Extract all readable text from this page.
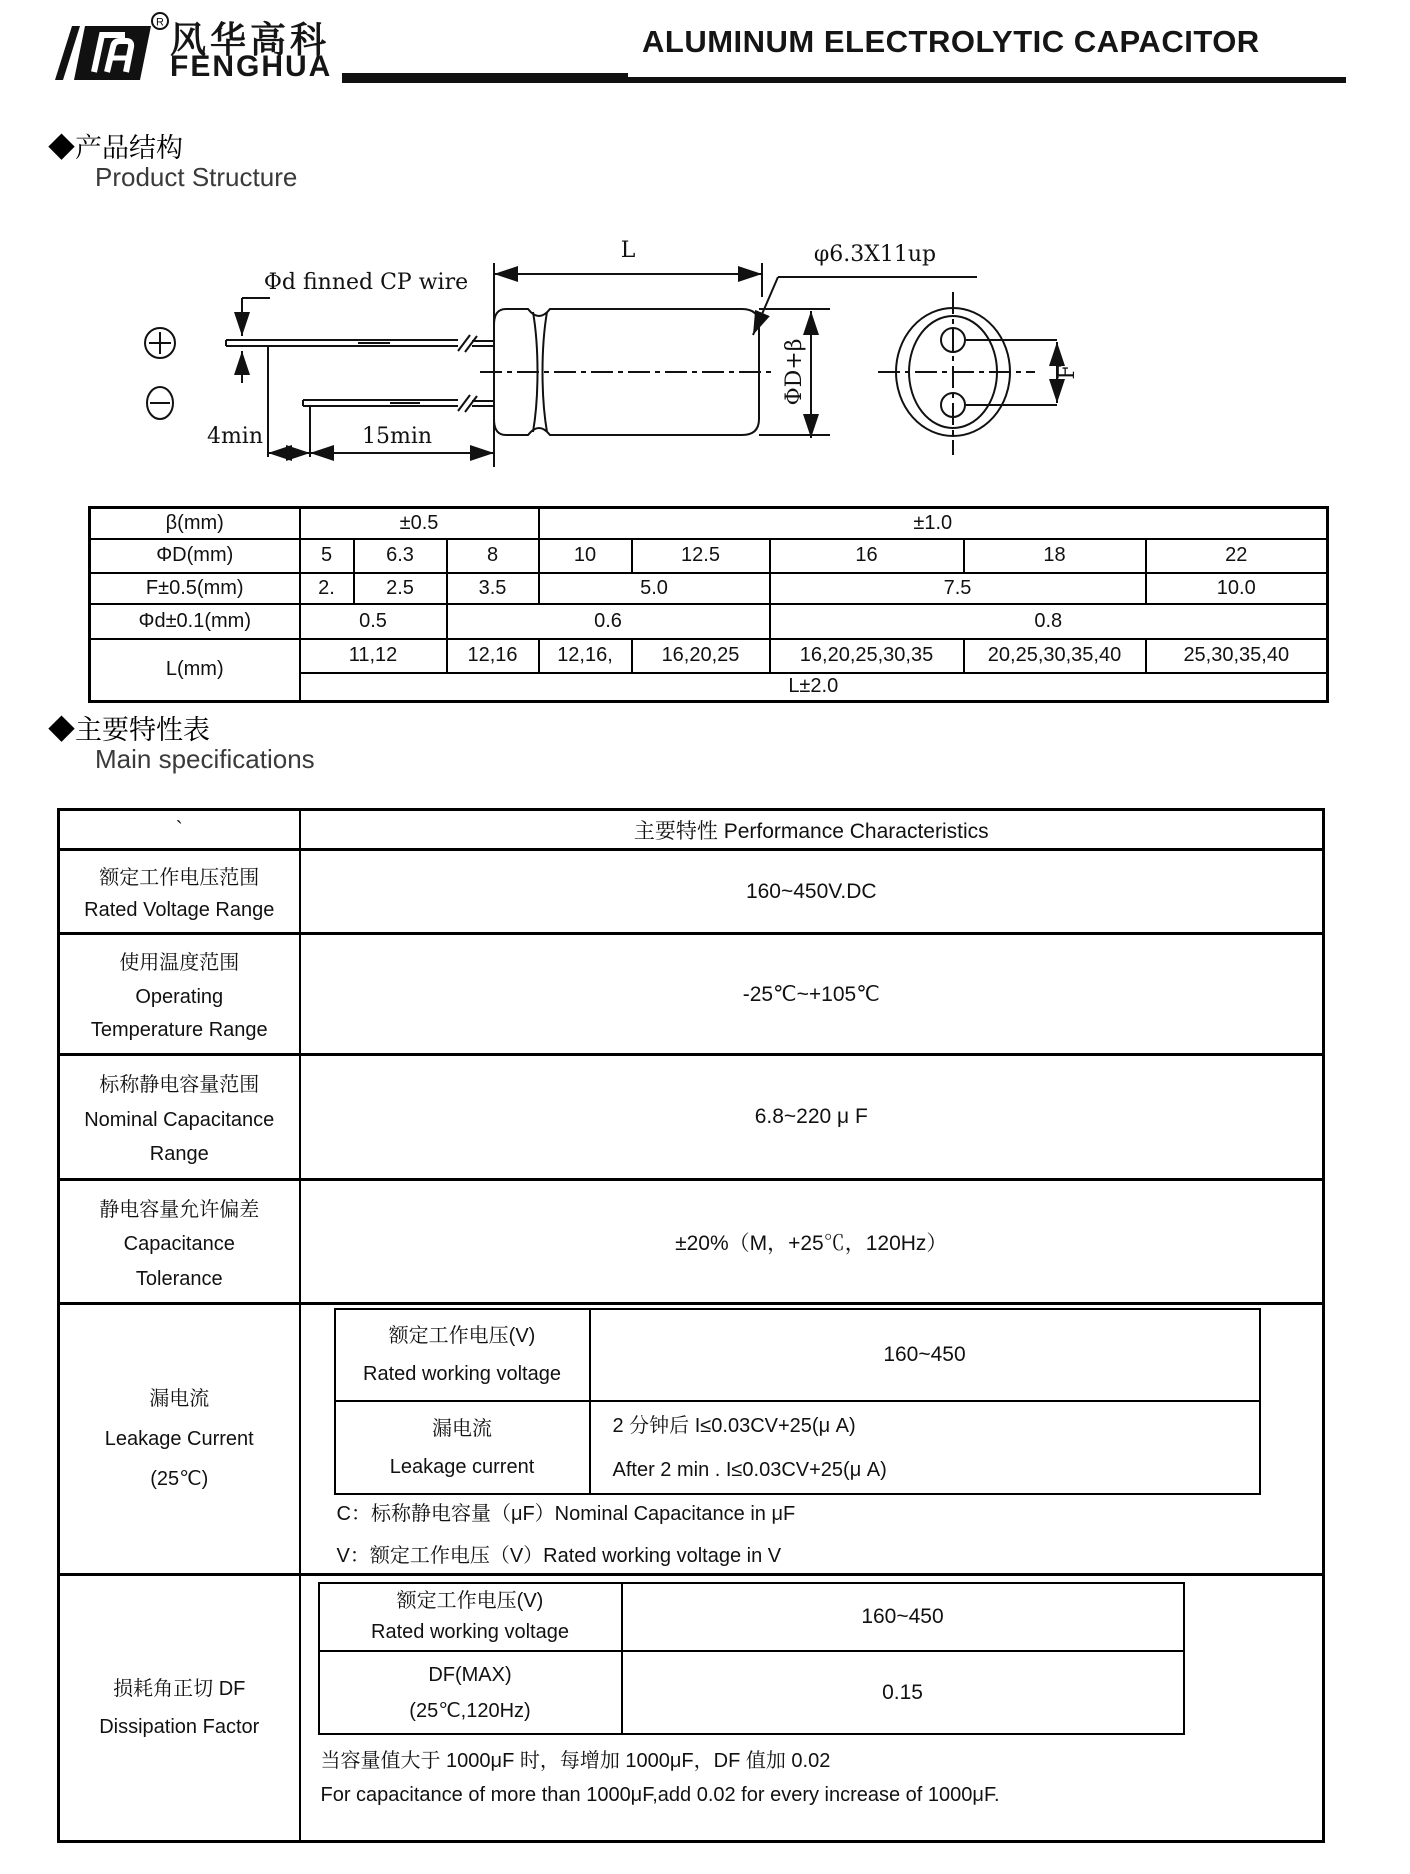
R 风华高科
FENGHUA
ALUMINUM ELECTROLYTIC CAPACITOR
◆产品结构
Product Structure
Φd finned CP wire
L	φ6.3X11up
4min	15min
ΦD+β	F
β(mm)	±0.5			±1.0				
ΦD(mm)	5	6.3	8	10	12.5	16	18	22
F±0.5(mm)	2.	2.5	3.5	5.0		7.5		10.0
Φd±0.1(mm)	0.5		0.6			0.8		
L(mm)	11,12		12,16	12,16,	16,20,25	16,20,25,30,35	20,25,30,35,40	25,30,35,40
	L±2.0							
◆主要特性表
Main specifications
`	主要特性 Performance Characteristics

额定工作电压范围
Rated Voltage Range
	160~450V.DC

使用温度范围
Operating
Temperature Range
	-25℃~+105℃

标称静电容量范围
Nominal Capacitance
Range
	6.8~220 μ F

静电容量允许偏差
Capacitance
Tolerance
	±20%（M，+25℃，120Hz）

漏电流
Leakage Current
(25℃)

额定工作电压(V)
Rated working voltage
	160~450

漏电流
Leakage current

2 分钟后 I≤0.03CV+25(μ A)
After 2 min . I≤0.03CV+25(μ A)
C：标称静电容量（μF）Nominal Capacitance in μF
V：额定工作电压（V）Rated working voltage in V

损耗角正切 DF
Dissipation Factor

额定工作电压(V)
Rated working voltage
	160~450

DF(MAX)
(25℃,120Hz)
	0.15
当容量值大于 1000μF 时，每增加 1000μF，DF 值加 0.02
For capacitance of more than 1000μF,add 0.02 for every increase of 1000μF.
